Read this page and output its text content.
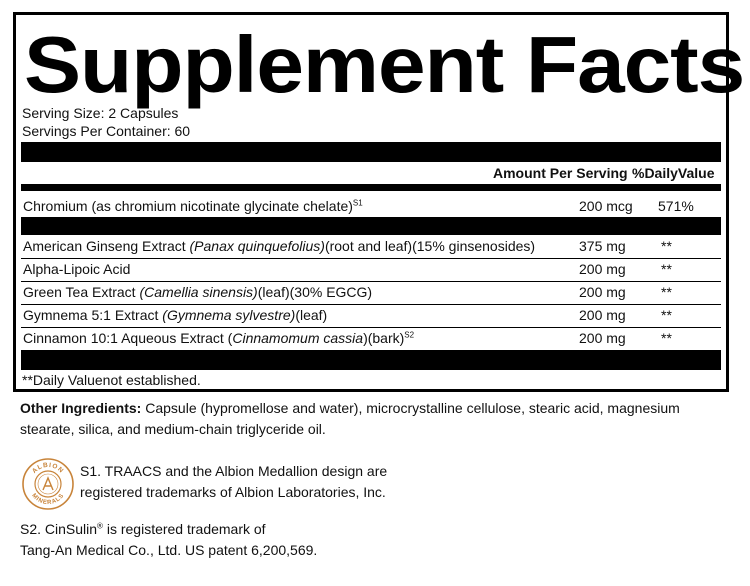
Supplement Facts
Serving Size: 2 Capsules
Servings Per Container: 60
Amount Per Serving %DailyValue
Chromium (as chromium nicotinate glycinate chelate)$^{S1}$	200 mcg 571%
American Ginseng Extract (Panax quinquefolius)(root and leaf)(15% ginsenosides)	375 mg	**
Alpha-Lipoic Acid	200 mg	**
Green Tea Extract (Camellia sinensis)(leaf)(30% EGCG)	200 mg	**
Gymnema 5:1 Extract (Gymnema sylvestre)(leaf)	200 mg	**
Cinnamon 10:1 Aqueous Extract (Cinnamomum cassia)(bark)$^{S2}$	200 mg	**
**Daily Valuenot established.
Other Ingredients: Capsule (hypromellose and water), microcrystalline cellulose, stearic acid, magnesium
stearate, silica, and medium-chain triglyceride oil.
ALBION
MINERALS
S1. TRAACS and the Albion Medallion design are
registered trademarks of Albion Laboratories, Inc.
S2. CinSulin® is registered trademark of
Tang-An Medical Co., Ltd. US patent 6,200,569.
